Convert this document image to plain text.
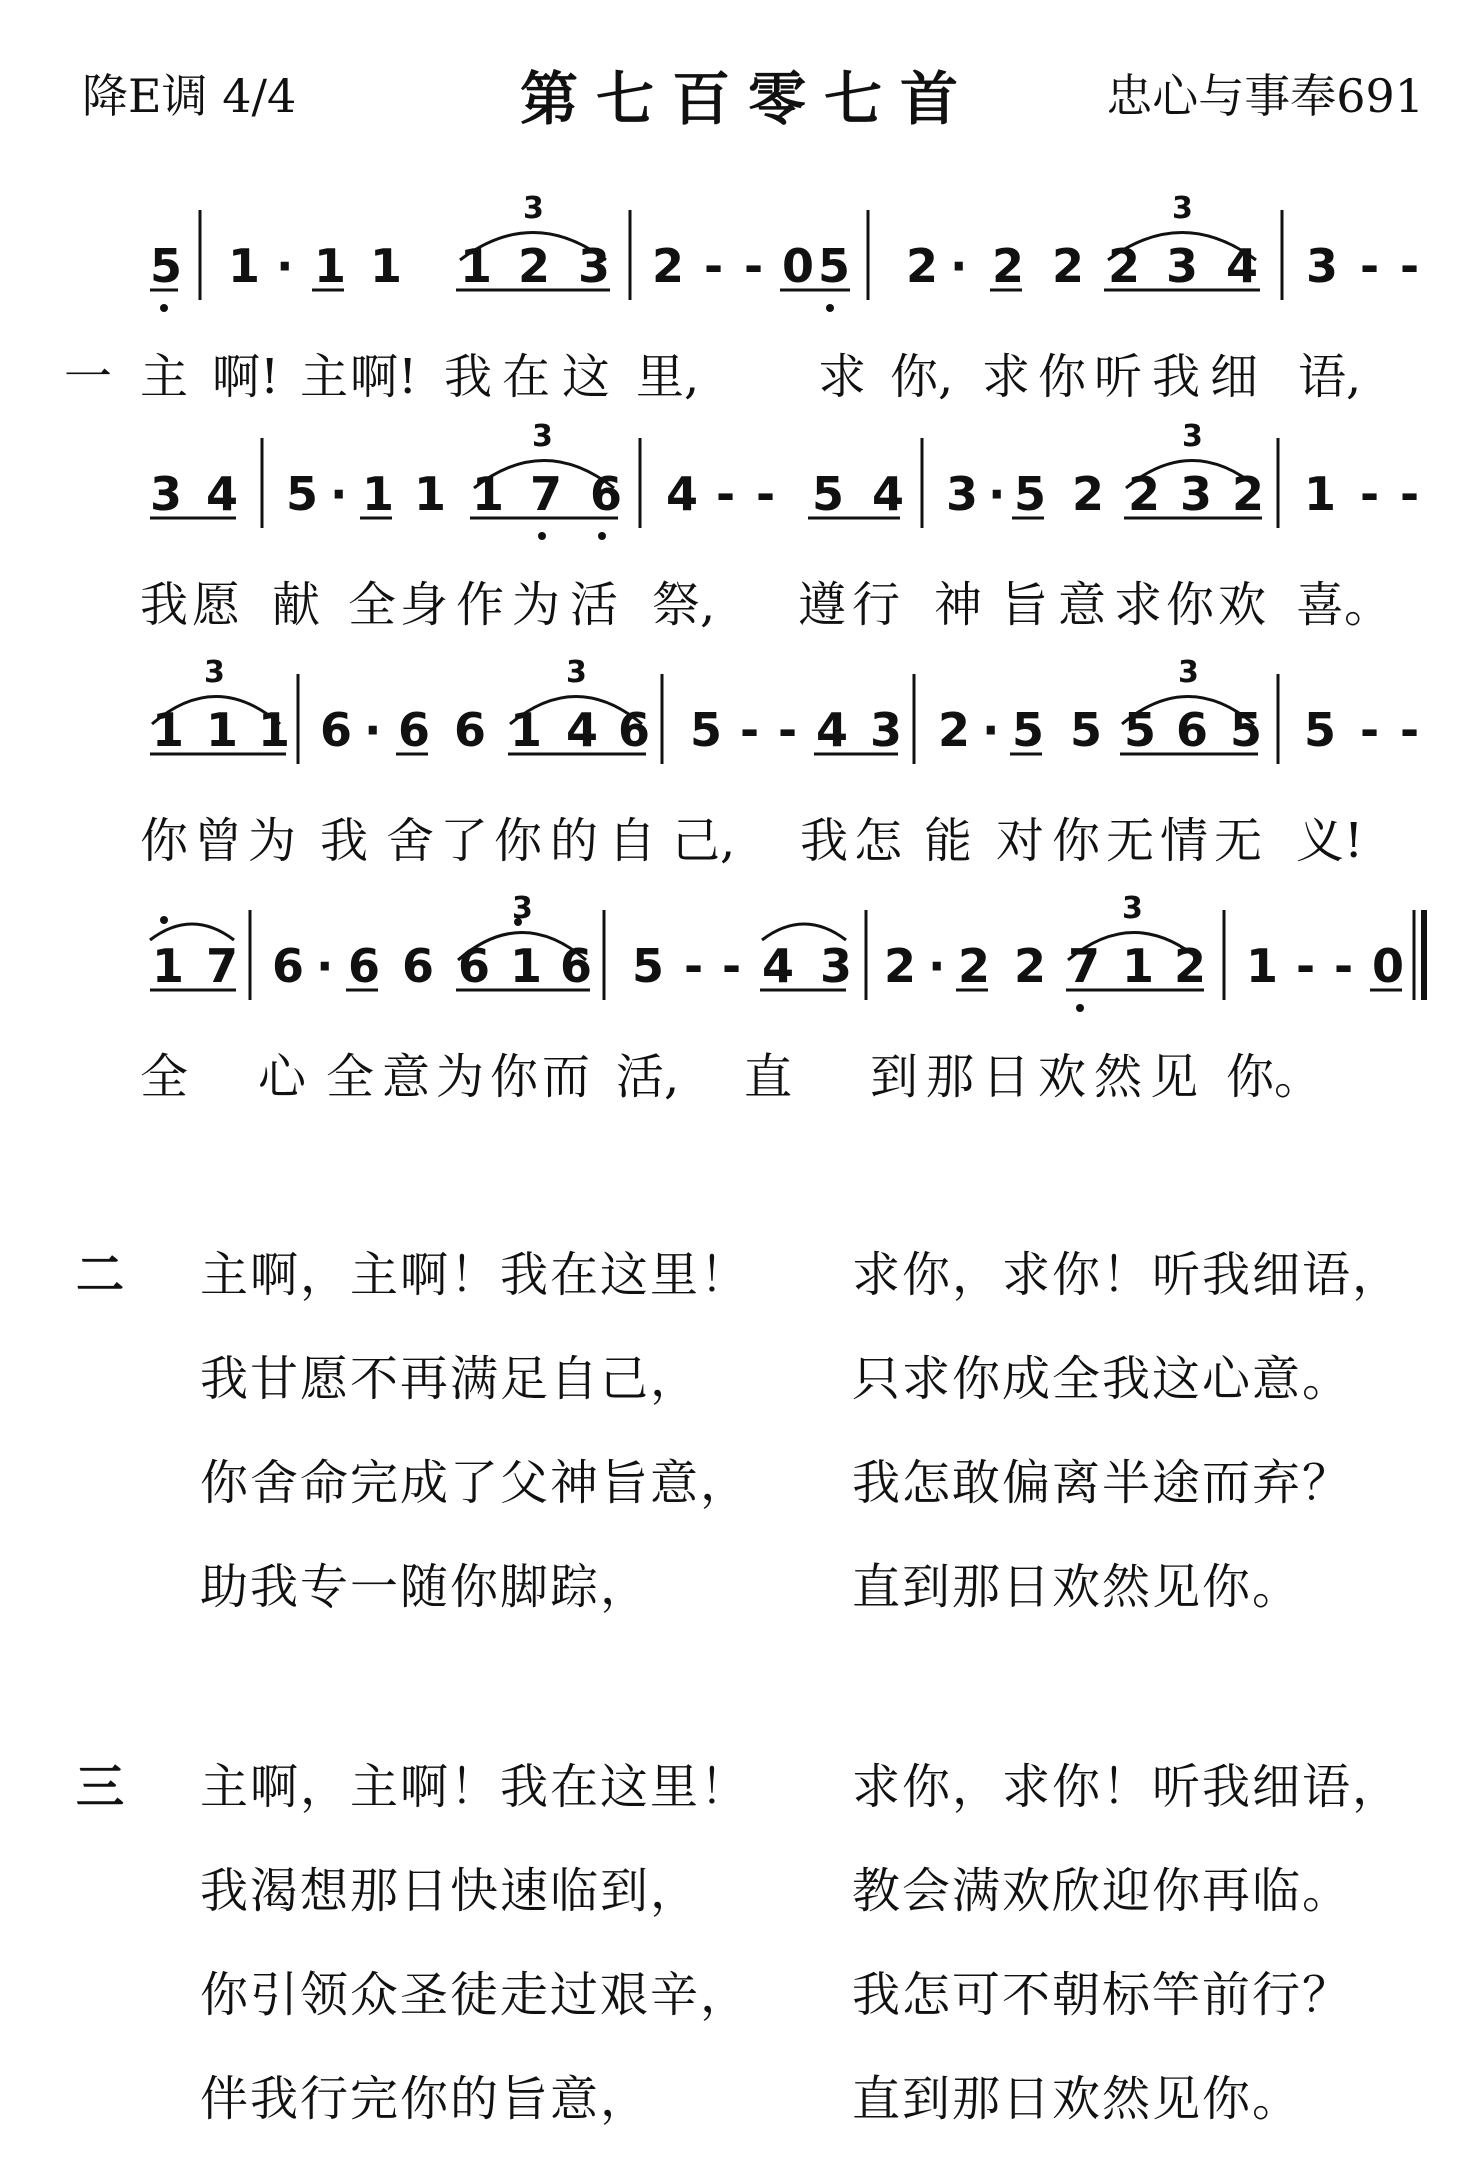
降E调 4/4	第七百零七首	忠心与事奉691
3	3
5 1 · 1 1 1 2 3 2 - - 0 5 2 · 2 2 2 3 4 3 - -
一 主 啊! 主 啊! 我 在 这 里, 求 你, 求 你 听 我 细 语,
3	3
3 4 5 · 1 1 1 7 6 4 - - 5 4 3 · 5 2 2 3 2 1 - -
我 愿 献 全 身 作 为 活 祭, 遵 行 神 旨 意 求 你 欢 喜。
3	3	3
1 1 1 6 · 6 6 1 4 6 5 - - 4 3 2 · 5 5 5 6 5 5 - -
你 曾 为 我 舍 了 你 的 自 己, 我 怎 能 对 你 无 情 无 义!
3	3
1 7 6 · 6 6 6 1 6 5 - - 4 3 2 · 2 2 7 1 2 1 - - 0
全 心 全 意 为 你 而 活, 直 到 那 日 欢 然 见 你。
二 主啊，主啊！我在这里！ 求你，求你！听我细语，
我甘愿不再满足自己，	只求你成全我这心意。
你舍命完成了父神旨意， 我怎敢偏离半途而弃？
助我专一随你脚踪，	直到那日欢然见你。
三 主啊，主啊！我在这里！ 求你，求你！听我细语，
我渴想那日快速临到，	教会满欢欣迎你再临。
你引领众圣徒走过艰辛， 我怎可不朝标竿前行？
伴我行完你的旨意，	直到那日欢然见你。
